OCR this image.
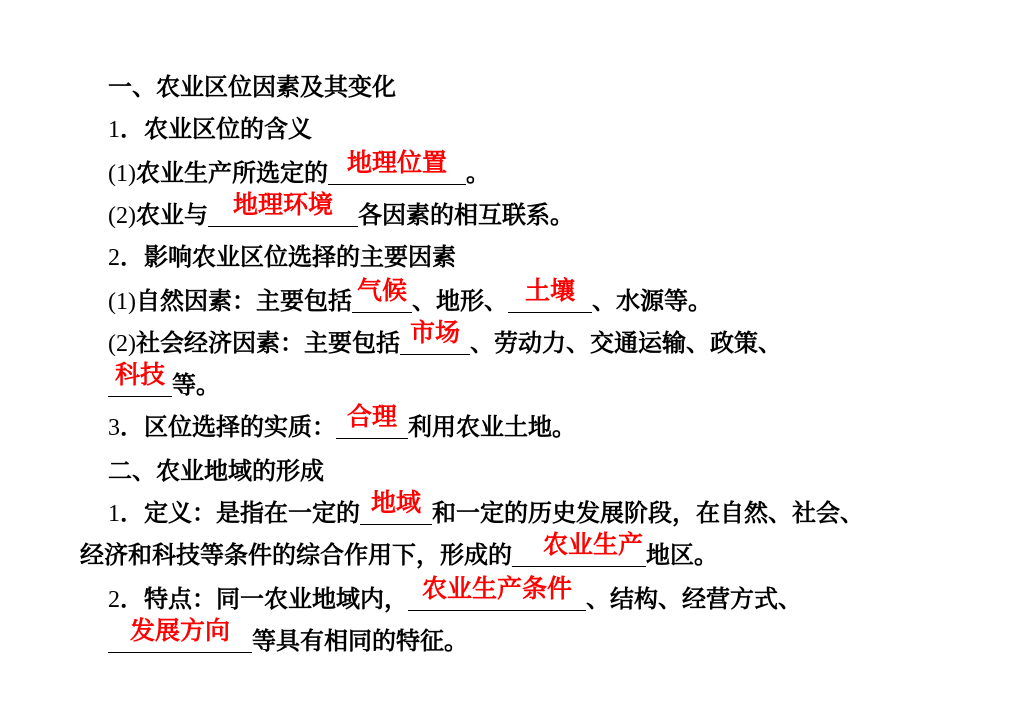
一、农业区位因素及其变化
1．农业区位的含义
(1)农业生产所选定的 地理位置 。
(2)农业与 地理环境	各因素的相互联系。
2．影响农业区位选择的主要因素
(1)自然因素：主要包括 气候 、地形、 土壤 、水源等。
(2)社会经济因素：主要包括 市场 、劳动力、交通运输、政策、
科技 等。
3．区位选择的实质： 合理 利用农业土地。
二、农业地域的形成
1．定义：是指在一定的 地域 和一定的历史发展阶段，在自然、社会、
经济和科技等条件的综合作用下，形成的	农业生产 地区。
2．特点：同一农业地域内， 农业生产条件 、结构、经营方式、
发展方向 等具有相同的特征。
